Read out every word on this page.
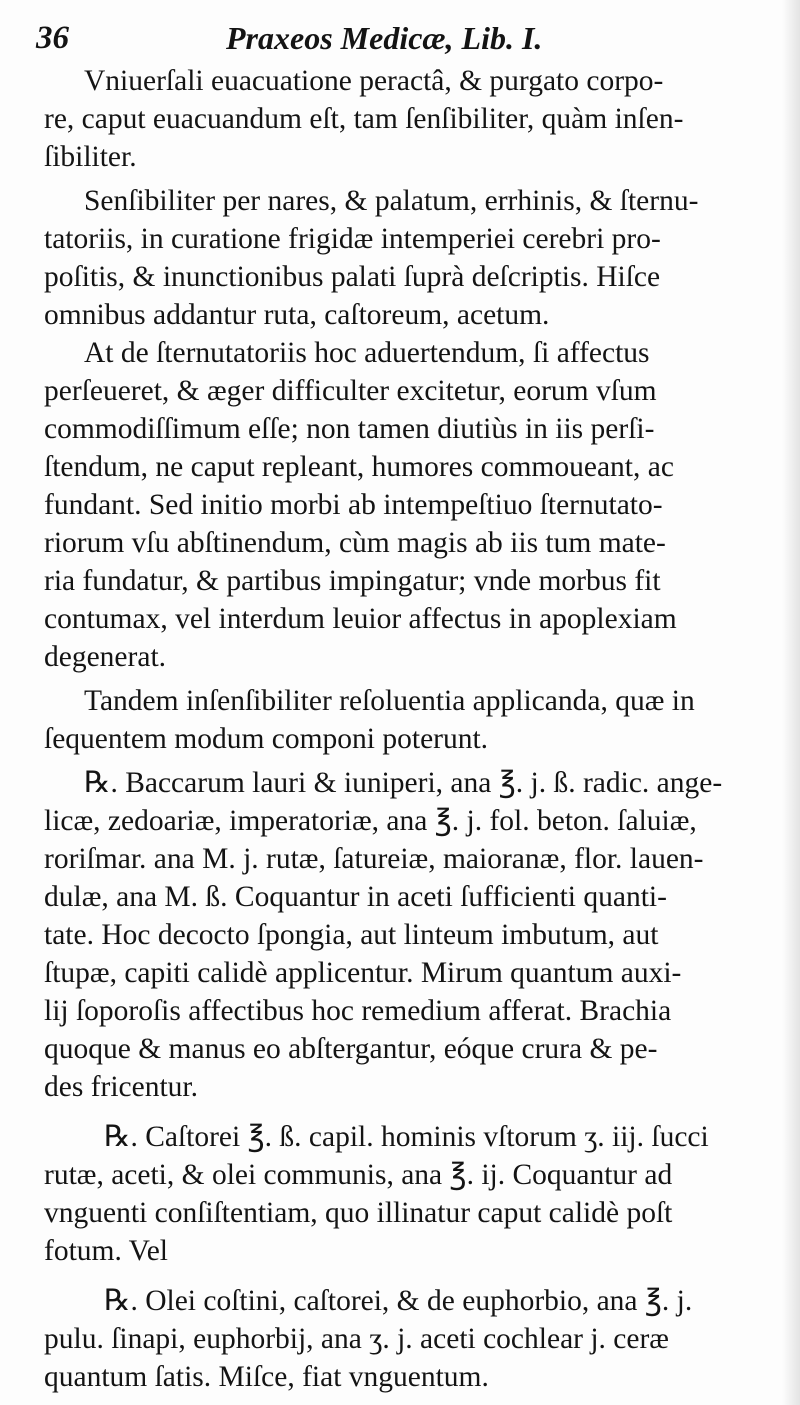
36	Praxeos Medicæ, Lib. I.
Vniuerſali euacuatione peractâ, & purgato corpo-
re, caput euacuandum eſt, tam ſenſibiliter, quàm inſen-
ſibiliter.
Senſibiliter per nares, & palatum, errhinis, & ſternu-
tatoriis, in curatione frigidæ intemperiei cerebri pro-
poſitis, & inunctionibus palati ſuprà deſcriptis. Hiſce
omnibus addantur ruta, caſtoreum, acetum.
At de ſternutatoriis hoc aduertendum, ſi affectus
perſeueret, & æger difficulter excitetur, eorum vſum
commodiſſimum eſſe; non tamen diutiùs in iis perſi-
ſtendum, ne caput repleant, humores commoueant, ac
fundant. Sed initio morbi ab intempeſtiuo ſternutato-
riorum vſu abſtinendum, cùm magis ab iis tum mate-
ria fundatur, & partibus impingatur; vnde morbus fit
contumax, vel interdum leuior affectus in apoplexiam
degenerat.
Tandem inſenſibiliter reſoluentia applicanda, quæ in
ſequentem modum componi poterunt.
℞. Baccarum lauri & iuniperi, ana ℥. j. ß. radic. ange-
licæ, zedoariæ, imperatoriæ, ana ℥. j. fol. beton. ſaluiæ,
roriſmar. ana M. j. rutæ, ſatureiæ, maioranæ, flor. lauen-
dulæ, ana M. ß. Coquantur in aceti ſufficienti quanti-
tate. Hoc decocto ſpongia, aut linteum imbutum, aut
ſtupæ, capiti calidè applicentur. Mirum quantum auxi-
lij ſoporoſis affectibus hoc remedium afferat. Brachia
quoque & manus eo abſtergantur, eóque crura & pe-
des fricentur.
℞. Caſtorei ℥. ß. capil. hominis vſtorum ʒ. iij. ſucci
rutæ, aceti, & olei communis, ana ℥. ij. Coquantur ad
vnguenti conſiſtentiam, quo illinatur caput calidè poſt
fotum. Vel
℞. Olei coſtini, caſtorei, & de euphorbio, ana ℥. j.
pulu. ſinapi, euphorbij, ana ʒ. j. aceti cochlear j. ceræ
quantum ſatis. Miſce, fiat vnguentum.
